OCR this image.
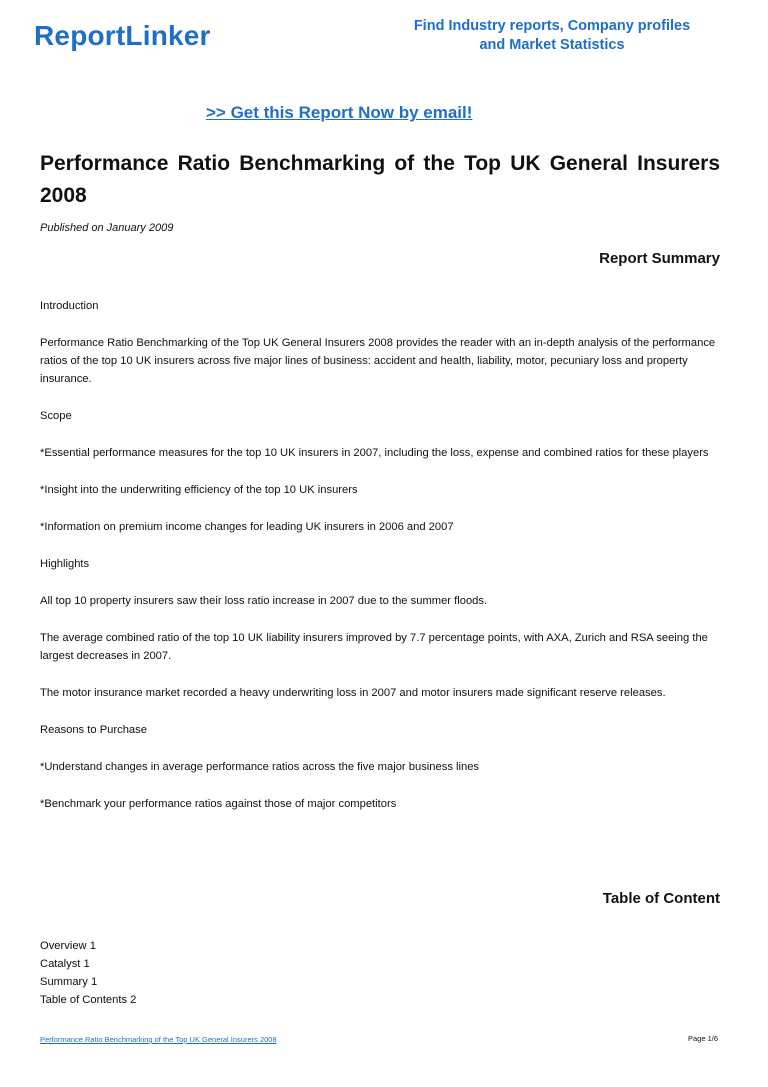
ReportLinker	Find Industry reports, Company profiles
and Market Statistics
>> Get this Report Now by email!
Performance Ratio Benchmarking of the Top UK General Insurers 2008
Published on January 2009
Report Summary

Introduction

Performance Ratio Benchmarking of the Top UK General Insurers 2008 provides the reader with an in-depth analysis of the performance ratios of the top 10 UK insurers across five major lines of business: accident and health, liability, motor, pecuniary loss and property insurance.

Scope

*Essential performance measures for the top 10 UK insurers in 2007, including the loss, expense and combined ratios for these players

*Insight into the underwriting efficiency of the top 10 UK insurers

*Information on premium income changes for leading UK insurers in 2006 and 2007

Highlights

All top 10 property insurers saw their loss ratio increase in 2007 due to the summer floods.

The average combined ratio of the top 10 UK liability insurers improved by 7.7 percentage points, with AXA, Zurich and RSA seeing the largest decreases in 2007.

The motor insurance market recorded a heavy underwriting loss in 2007 and motor insurers made significant reserve releases.

Reasons to Purchase

*Understand changes in average performance ratios across the five major business lines

*Benchmark your performance ratios against those of major competitors

Table of Content
Overview 1
Catalyst 1
Summary 1
Table of Contents 2
Performance Ratio Benchmarking of the Top UK General Insurers 2008	Page 1/6
